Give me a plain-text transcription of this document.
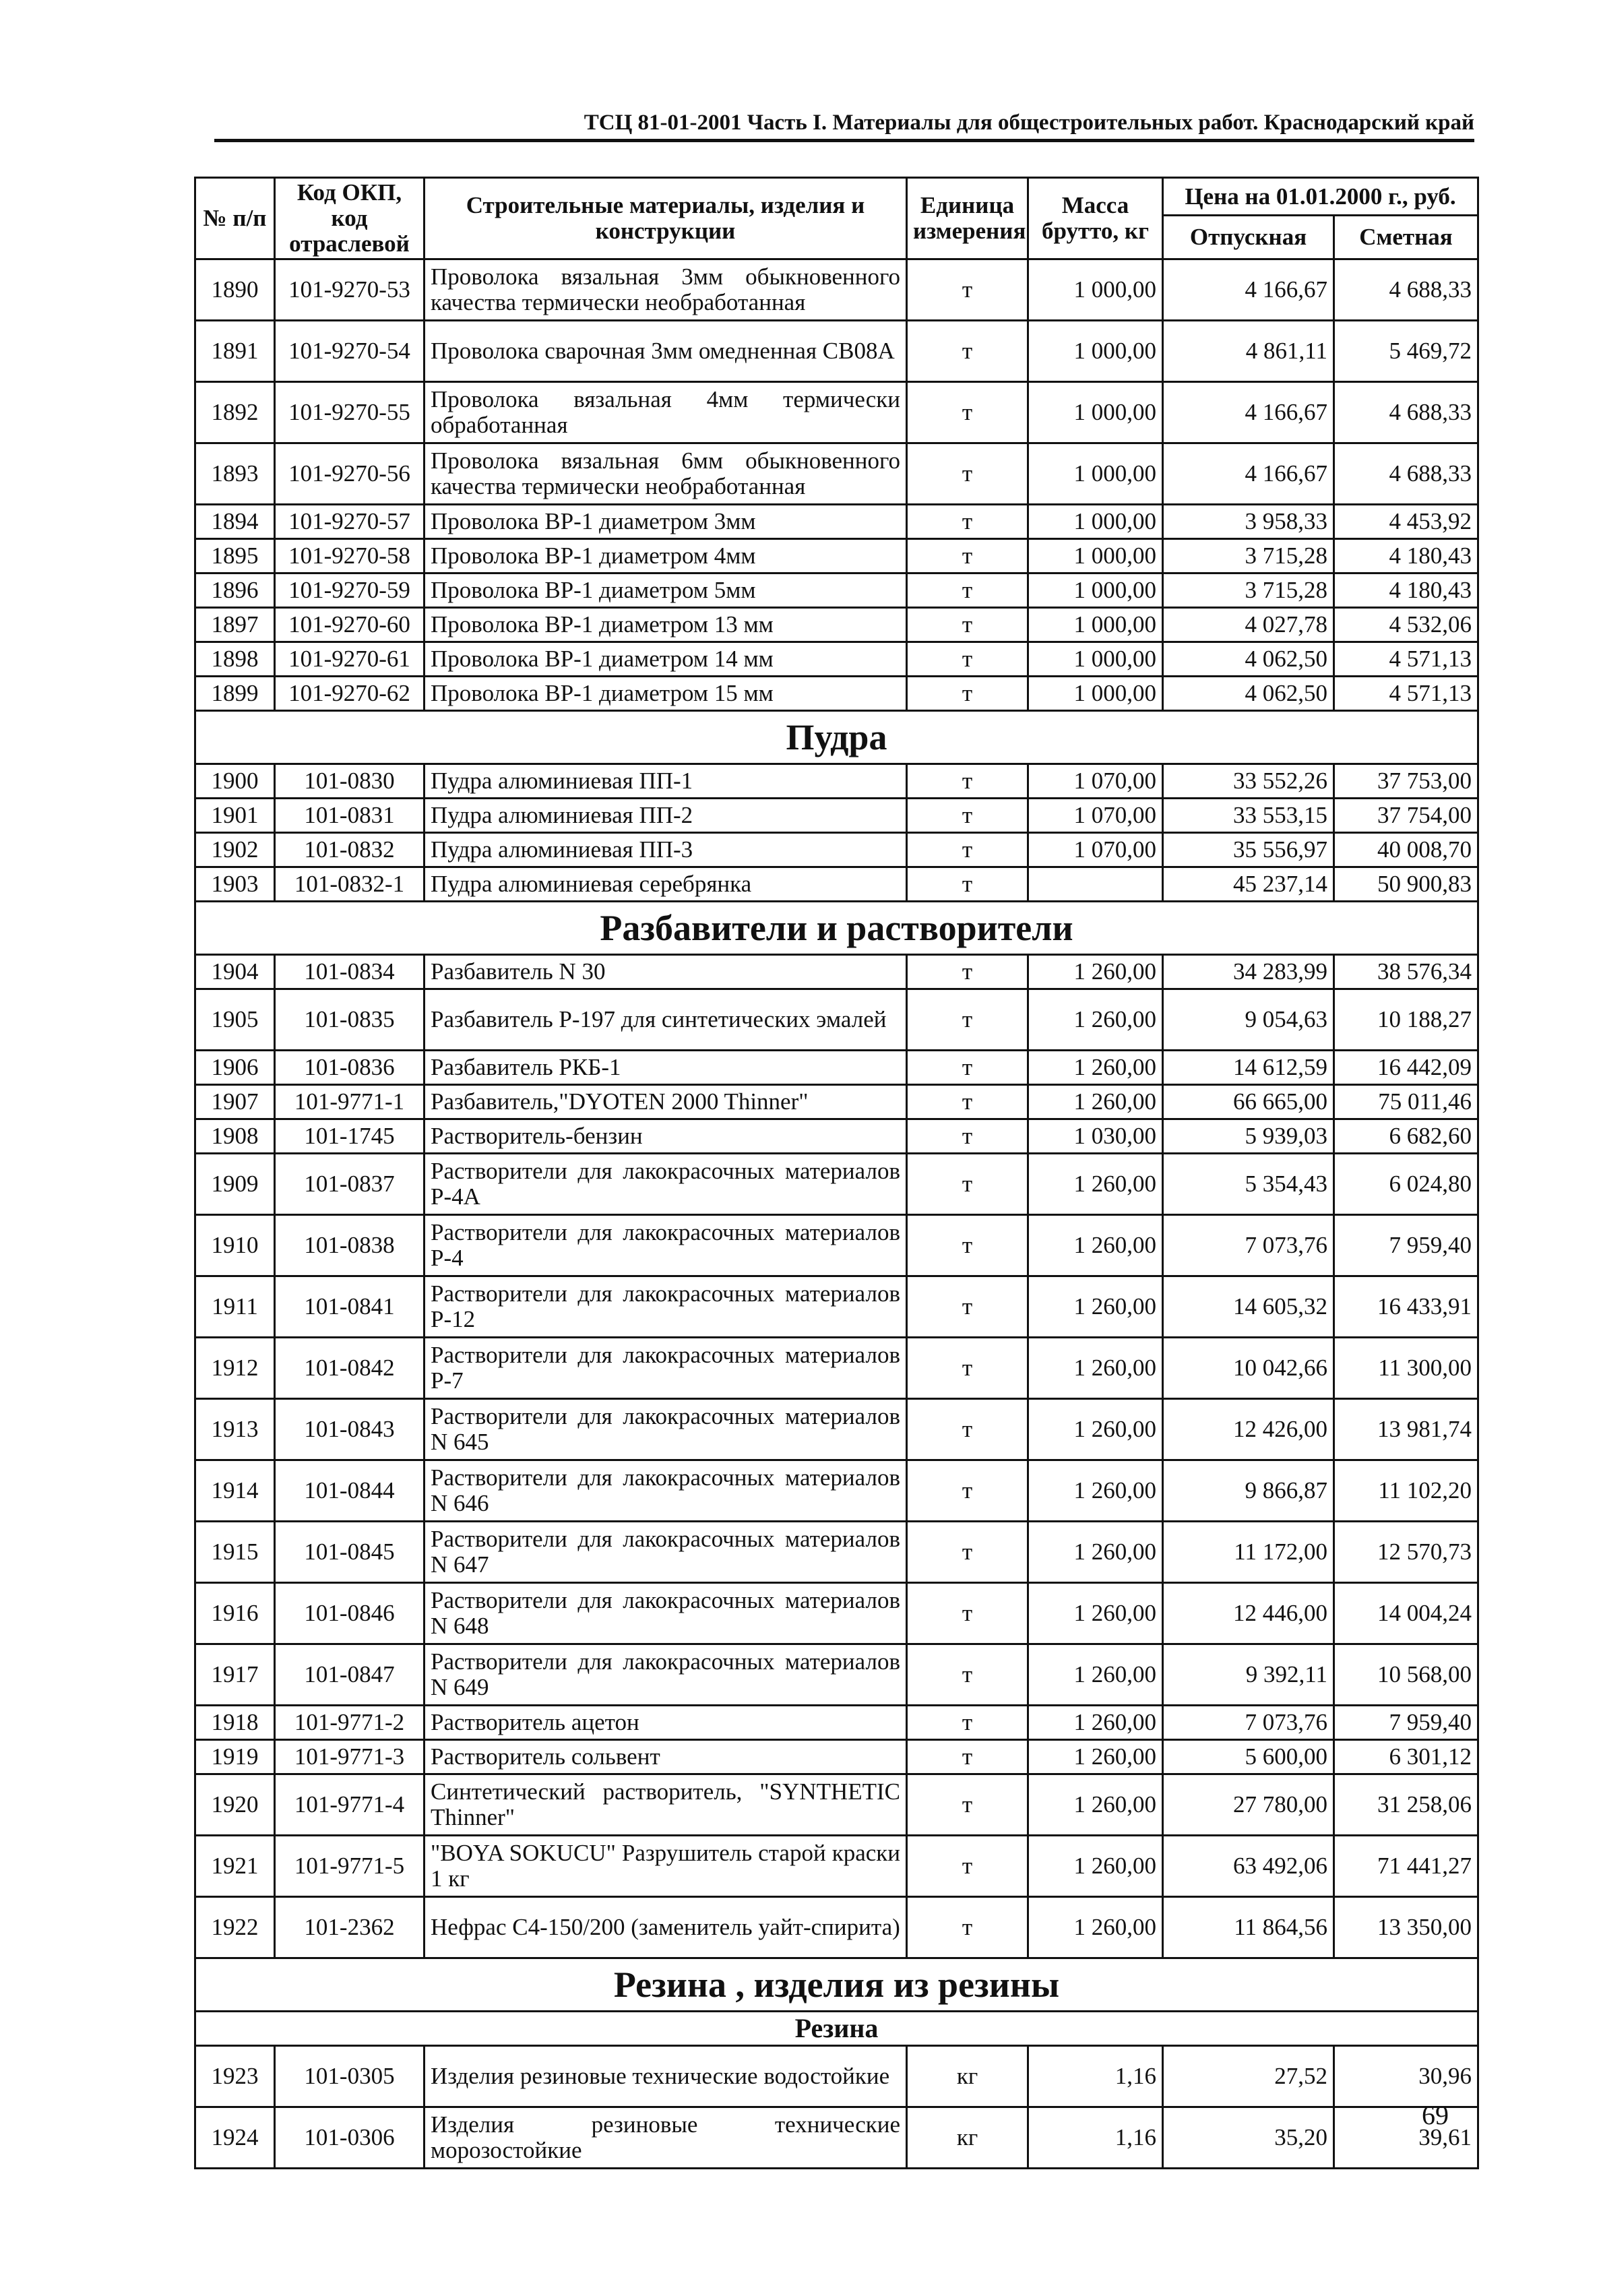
ТСЦ 81-01-2001 Часть I. Материалы для общестроительных работ. Краснодарский край
№ п/п	Код ОКП, код отраслевой	Строительные материалы, изделия и конструкции	Единица измерения	Масса брутто, кг	Цена на 01.01.2000 г., руб.	
					Отпускная	Сметная
1890	101-9270-53	Проволока вязальная 3мм обыкновенного качества термически необработанная	т	1 000,00	4 166,67	4 688,33
1891	101-9270-54	Проволока сварочная 3мм омедненная СВ08А	т	1 000,00	4 861,11	5 469,72
1892	101-9270-55	Проволока вязальная 4мм термически обработанная	т	1 000,00	4 166,67	4 688,33
1893	101-9270-56	Проволока вязальная 6мм обыкновенного качества термически необработанная	т	1 000,00	4 166,67	4 688,33
1894	101-9270-57	Проволока ВР-1 диаметром 3мм	т	1 000,00	3 958,33	4 453,92
1895	101-9270-58	Проволока ВР-1 диаметром 4мм	т	1 000,00	3 715,28	4 180,43
1896	101-9270-59	Проволока ВР-1 диаметром 5мм	т	1 000,00	3 715,28	4 180,43
1897	101-9270-60	Проволока ВР-1 диаметром 13 мм	т	1 000,00	4 027,78	4 532,06
1898	101-9270-61	Проволока ВР-1 диаметром 14 мм	т	1 000,00	4 062,50	4 571,13
1899	101-9270-62	Проволока ВР-1 диаметром 15 мм	т	1 000,00	4 062,50	4 571,13
Пудра						
1900	101-0830	Пудра алюминиевая ПП-1	т	1 070,00	33 552,26	37 753,00
1901	101-0831	Пудра алюминиевая ПП-2	т	1 070,00	33 553,15	37 754,00
1902	101-0832	Пудра алюминиевая ПП-3	т	1 070,00	35 556,97	40 008,70
1903	101-0832-1	Пудра алюминиевая серебрянка	т		45 237,14	50 900,83
Разбавители и растворители						
1904	101-0834	Разбавитель N 30	т	1 260,00	34 283,99	38 576,34
1905	101-0835	Разбавитель Р-197 для синтетических эмалей	т	1 260,00	9 054,63	10 188,27
1906	101-0836	Разбавитель РКБ-1	т	1 260,00	14 612,59	16 442,09
1907	101-9771-1	Разбавитель,"DYOTEN 2000 Thinner"	т	1 260,00	66 665,00	75 011,46
1908	101-1745	Растворитель-бензин	т	1 030,00	5 939,03	6 682,60
1909	101-0837	Растворители для лакокрасочных материалов Р-4А	т	1 260,00	5 354,43	6 024,80
1910	101-0838	Растворители для лакокрасочных материалов Р-4	т	1 260,00	7 073,76	7 959,40
1911	101-0841	Растворители для лакокрасочных материалов Р-12	т	1 260,00	14 605,32	16 433,91
1912	101-0842	Растворители для лакокрасочных материалов Р-7	т	1 260,00	10 042,66	11 300,00
1913	101-0843	Растворители для лакокрасочных материалов N 645	т	1 260,00	12 426,00	13 981,74
1914	101-0844	Растворители для лакокрасочных материалов N 646	т	1 260,00	9 866,87	11 102,20
1915	101-0845	Растворители для лакокрасочных материалов N 647	т	1 260,00	11 172,00	12 570,73
1916	101-0846	Растворители для лакокрасочных материалов N 648	т	1 260,00	12 446,00	14 004,24
1917	101-0847	Растворители для лакокрасочных материалов N 649	т	1 260,00	9 392,11	10 568,00
1918	101-9771-2	Растворитель ацетон	т	1 260,00	7 073,76	7 959,40
1919	101-9771-3	Растворитель сольвент	т	1 260,00	5 600,00	6 301,12
1920	101-9771-4	Синтетический растворитель, "SYNTHETIC Thinner"	т	1 260,00	27 780,00	31 258,06
1921	101-9771-5	"BOYA SOKUCU" Разрушитель старой краски 1 кг	т	1 260,00	63 492,06	71 441,27
1922	101-2362	Нефрас С4-150/200 (заменитель уайт-спирита)	т	1 260,00	11 864,56	13 350,00
Резина , изделия из резины						
Резина						
1923	101-0305	Изделия резиновые технические водостойкие	кг	1,16	27,52	30,96
1924	101-0306	Изделия резиновые технические морозостойкие	кг	1,16	35,20	39,61
69
